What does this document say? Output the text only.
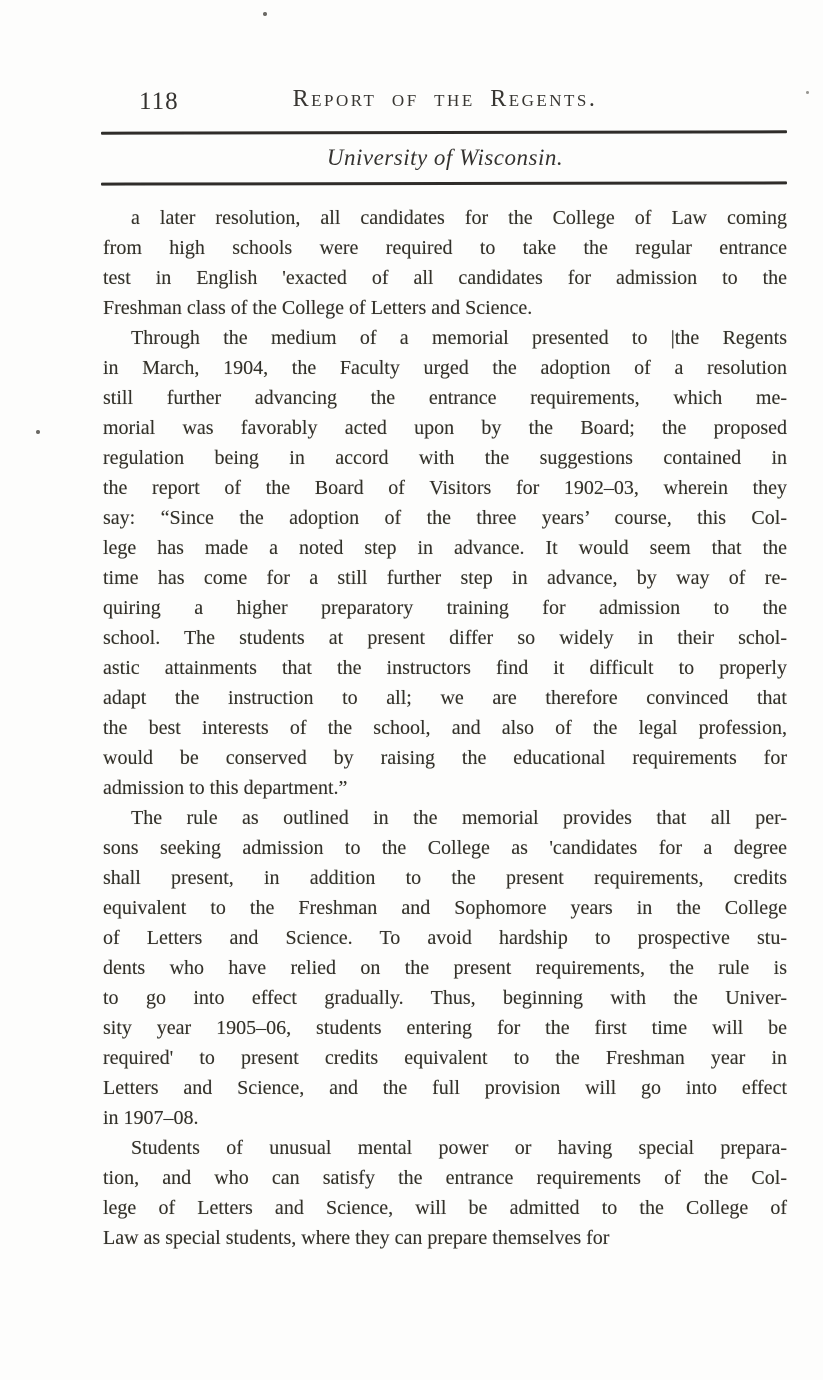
118	Report of the Regents.
University of Wisconsin.
a later resolution, all candidates for the College of Law coming
from high schools were required to take the regular entrance
test in English 'exacted of all candidates for admission to the
Freshman class of the College of Letters and Science.
Through the medium of a memorial presented to |the Regents
in March, 1904, the Faculty urged the adoption of a resolution
still further advancing the entrance requirements, which me-
morial was favorably acted upon by the Board; the proposed
regulation being in accord with the suggestions contained in
the report of the Board of Visitors for 1902–03, wherein they
say: “Since the adoption of the three years’ course, this Col-
lege has made a noted step in advance. It would seem that the
time has come for a still further step in advance, by way of re-
quiring a higher preparatory training for admission to the
school. The students at present differ so widely in their schol-
astic attainments that the instructors find it difficult to properly
adapt the instruction to all; we are therefore convinced that
the best interests of the school, and also of the legal profession,
would be conserved by raising the educational requirements for
admission to this department.”
The rule as outlined in the memorial provides that all per-
sons seeking admission to the College as 'candidates for a degree
shall present, in addition to the present requirements, credits
equivalent to the Freshman and Sophomore years in the College
of Letters and Science. To avoid hardship to prospective stu-
dents who have relied on the present requirements, the rule is
to go into effect gradually. Thus, beginning with the Univer-
sity year 1905–06, students entering for the first time will be
required' to present credits equivalent to the Freshman year in
Letters and Science, and the full provision will go into effect
in 1907–08.
Students of unusual mental power or having special prepara-
tion, and who can satisfy the entrance requirements of the Col-
lege of Letters and Science, will be admitted to the College of
Law as special students, where they can prepare themselves for
